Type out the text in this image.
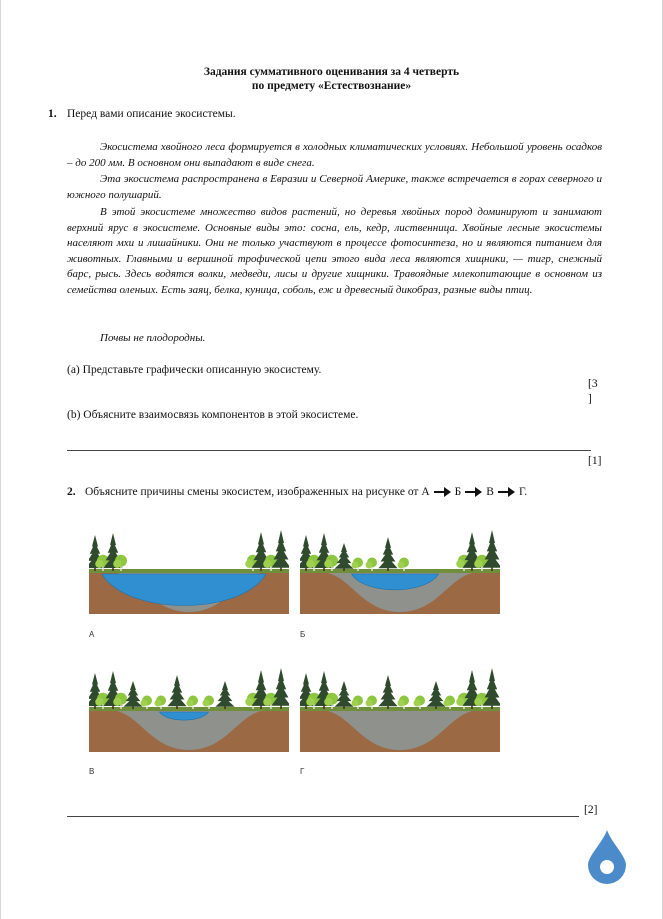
Задания суммативного оценивания за 4 четверть
по предмету «Естествознание»
1. Перед вами описание экосистемы.

Экосистема хвойного леса формируется в холодных климатических условиях. Небольшой уровень осадков – до 200 мм. В основном они выпадают в виде снега.

Эта экосистема распространена в Евразии и Северной Америке, также встречается в горах северного и южного полушарий.

В этой экосистеме множество видов растений, но деревья хвойных пород доминируют и занимают верхний ярус в экосистеме. Основные виды это: сосна, ель, кедр, лиственница. Хвойные лесные экосистемы населяют мхи и лишайники. Они не только участвуют в процессе фотосинтеза, но и являются питанием для животных. Главными и вершиной трофической цепи этого вида леса являются хищники, — тигр, снежный барс, рысь. Здесь водятся волки, медведи, лисы и другие хищники. Травоядные млекопитающие в основном из семейства оленьих. Есть заяц, белка, куница, соболь, еж и древесный дикобраз, разные виды птиц.

Почвы не плодородны.

(a) Представьте графически описанную экосистему.
[3
]
(b) Объясните взаимосвязь компонентов в этой экосистеме.
[1]
2. Объясните причины смены экосистем, изображенных на рисунке от А Б В Г.
А	Б
В	Г
[2]
